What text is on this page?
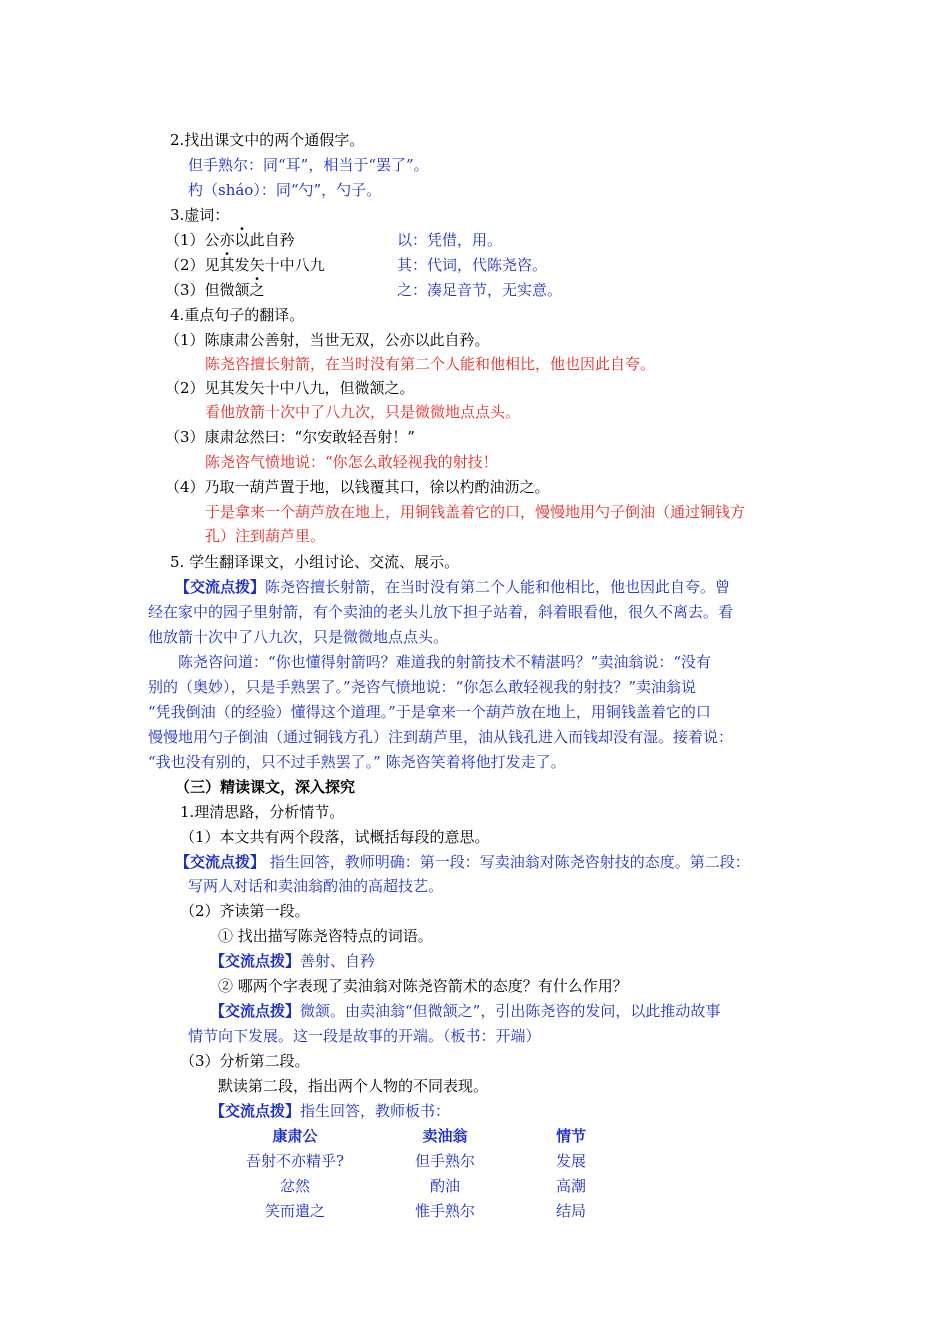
2.找出课文中的两个通假字。
但手熟尔：同“耳”，相当于“罢了”。
杓（sháo）：同“勺”，勺子。
3.虚词：
（1）公亦以此自矜	以：凭借，用。
（2）见其发矢十中八九	其：代词，代陈尧咨。
（3）但微颔之	之：凑足音节，无实意。
4.重点句子的翻译。
（1）陈康肃公善射，当世无双，公亦以此自矜。
陈尧咨擅长射箭，在当时没有第二个人能和他相比，他也因此自夸。
（2）见其发矢十中八九，但微颔之。
看他放箭十次中了八九次，只是微微地点点头。
（3）康肃忿然曰：“尔安敢轻吾射！”
陈尧咨气愤地说：“你怎么敢轻视我的射技！
（4）乃取一葫芦置于地，以钱覆其口，徐以杓酌油沥之。
于是拿来一个葫芦放在地上，用铜钱盖着它的口，慢慢地用勺子倒油（通过铜钱方
孔）注到葫芦里。
5. 学生翻译课文，小组讨论、交流、展示。
【交流点拨】陈尧咨擅长射箭，在当时没有第二个人能和他相比，他也因此自夸。曾
经在家中的园子里射箭，有个卖油的老头儿放下担子站着，斜着眼看他，很久不离去。看
他放箭十次中了八九次，只是微微地点点头。
陈尧咨问道：“你也懂得射箭吗？难道我的射箭技术不精湛吗？”卖油翁说：“没有
别的（奥妙），只是手熟罢了。”尧咨气愤地说：“你怎么敢轻视我的射技？”卖油翁说
“凭我倒油（的经验）懂得这个道理。”于是拿来一个葫芦放在地上，用铜钱盖着它的口
慢慢地用勺子倒油（通过铜钱方孔）注到葫芦里，油从钱孔进入而钱却没有湿。接着说：
“我也没有别的，只不过手熟罢了。” 陈尧咨笑着将他打发走了。
（三）精读课文，深入探究
1.理清思路，分析情节。
（1）本文共有两个段落，试概括每段的意思。
【交流点拨】 指生回答，教师明确：第一段：写卖油翁对陈尧咨射技的态度。第二段：
写两人对话和卖油翁酌油的高超技艺。
（2）齐读第一段。
① 找出描写陈尧咨特点的词语。
【交流点拨】善射、自矜
② 哪两个字表现了卖油翁对陈尧咨箭术的态度？有什么作用？
【交流点拨】微颔。由卖油翁“但微颔之”，引出陈尧咨的发问，以此推动故事
情节向下发展。这一段是故事的开端。（板书：开端）
（3）分析第二段。
默读第二段，指出两个人物的不同表现。
【交流点拨】指生回答，教师板书：
康肃公	卖油翁	情节
吾射不亦精乎?	但手熟尔	发展
忿然	酌油	高潮
笑而遣之	惟手熟尔	结局
